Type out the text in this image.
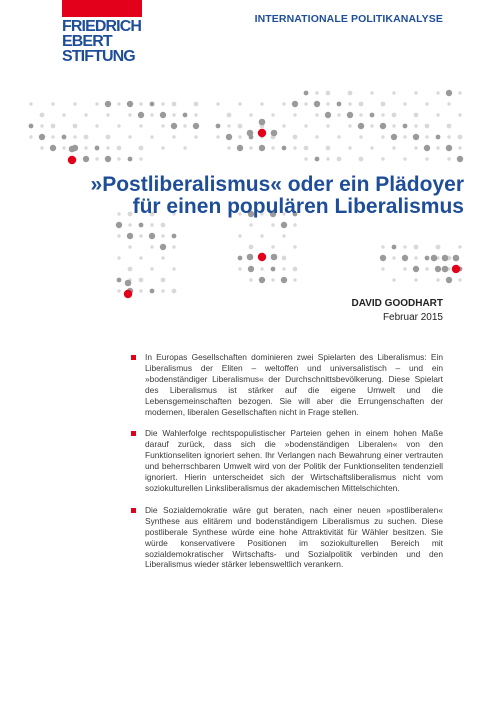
FRIEDRICH
EBERT
STIFTUNG
INTERNATIONALE POLITIKANALYSE
»Postliberalismus« oder ein Plädoyer
für einen populären Liberalismus
DAVID GOODHART
Februar 2015

In Europas Gesellschaften dominieren zwei Spielarten des Liberalismus: Ein Liberalismus der Eliten – weltoffen und universalistisch – und ein »bodenständiger Liberalismus« der Durchschnittsbevölkerung. Diese Spielart des Liberalismus ist stärker auf die eigene Umwelt und die Lebensgemeinschaften bezogen. Sie will aber die Errungenschaften der modernen, liberalen Gesellschaften nicht in Frage stellen.

Die Wahlerfolge rechtspopulistischer Parteien gehen in einem hohen Maße darauf zurück, dass sich die »bodenständigen Liberalen« von den Funktionseliten ignoriert sehen. Ihr Verlangen nach Bewahrung einer vertrauten und beherrschbaren Umwelt wird von der Politik der Funktionseliten tendenziell ignoriert. Hierin unterscheidet sich der Wirtschaftsliberalismus nicht vom soziokulturellen Linksliberalismus der akademischen Mittelschichten.

Die Sozialdemokratie wäre gut beraten, nach einer neuen »postliberalen« Synthese aus elitärem und bodenständigem Liberalismus zu suchen. Diese postliberale Synthese würde eine hohe Attraktivität für Wähler besitzen. Sie würde konservativere Positionen im soziokulturellen Bereich mit sozialdemokratischer Wirtschafts- und Sozialpolitik verbinden und den Liberalismus wieder stärker lebensweltlich verankern.
